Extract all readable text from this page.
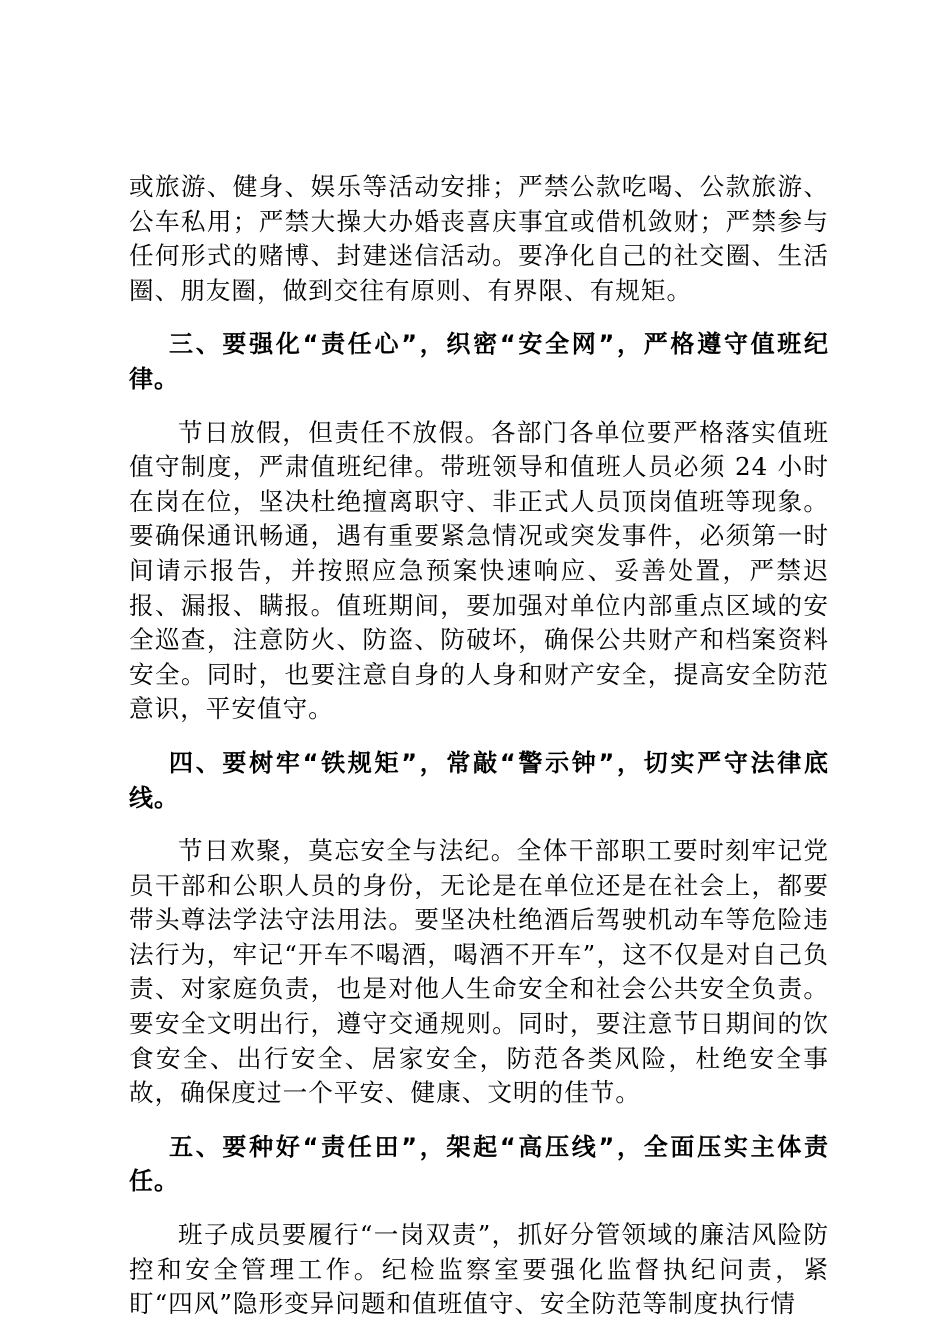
或旅游、健身、娱乐等活动安排；严禁公款吃喝、公款旅游、公车私用；严禁大操大办婚丧喜庆事宜或借机敛财；严禁参与任何形式的赌博、封建迷信活动。要净化自己的社交圈、生活圈、朋友圈，做到交往有原则、有界限、有规矩。

三、要强化“责任心”，织密“安全网”，严格遵守值班纪律。

节日放假，但责任不放假。各部门各单位要严格落实值班值守制度，严肃值班纪律。带班领导和值班人员必须 24 小时在岗在位，坚决杜绝擅离职守、非正式人员顶岗值班等现象。要确保通讯畅通，遇有重要紧急情况或突发事件，必须第一时间请示报告，并按照应急预案快速响应、妥善处置，严禁迟报、漏报、瞒报。值班期间，要加强对单位内部重点区域的安全巡查，注意防火、防盗、防破坏，确保公共财产和档案资料安全。同时，也要注意自身的人身和财产安全，提高安全防范意识，平安值守。

四、要树牢“铁规矩”，常敲“警示钟”，切实严守法律底线。

节日欢聚，莫忘安全与法纪。全体干部职工要时刻牢记党员干部和公职人员的身份，无论是在单位还是在社会上，都要带头尊法学法守法用法。要坚决杜绝酒后驾驶机动车等危险违法行为，牢记“开车不喝酒，喝酒不开车”，这不仅是对自己负责、对家庭负责，也是对他人生命安全和社会公共安全负责。要安全文明出行，遵守交通规则。同时，要注意节日期间的饮食安全、出行安全、居家安全，防范各类风险，杜绝安全事故，确保度过一个平安、健康、文明的佳节。

五、要种好“责任田”，架起“高压线”，全面压实主体责任。

班子成员要履行“一岗双责”，抓好分管领域的廉洁风险防控和安全管理工作。纪检监察室要强化监督执纪问责，紧盯“四风”隐形变异问题和值班值守、安全防范等制度执行情
